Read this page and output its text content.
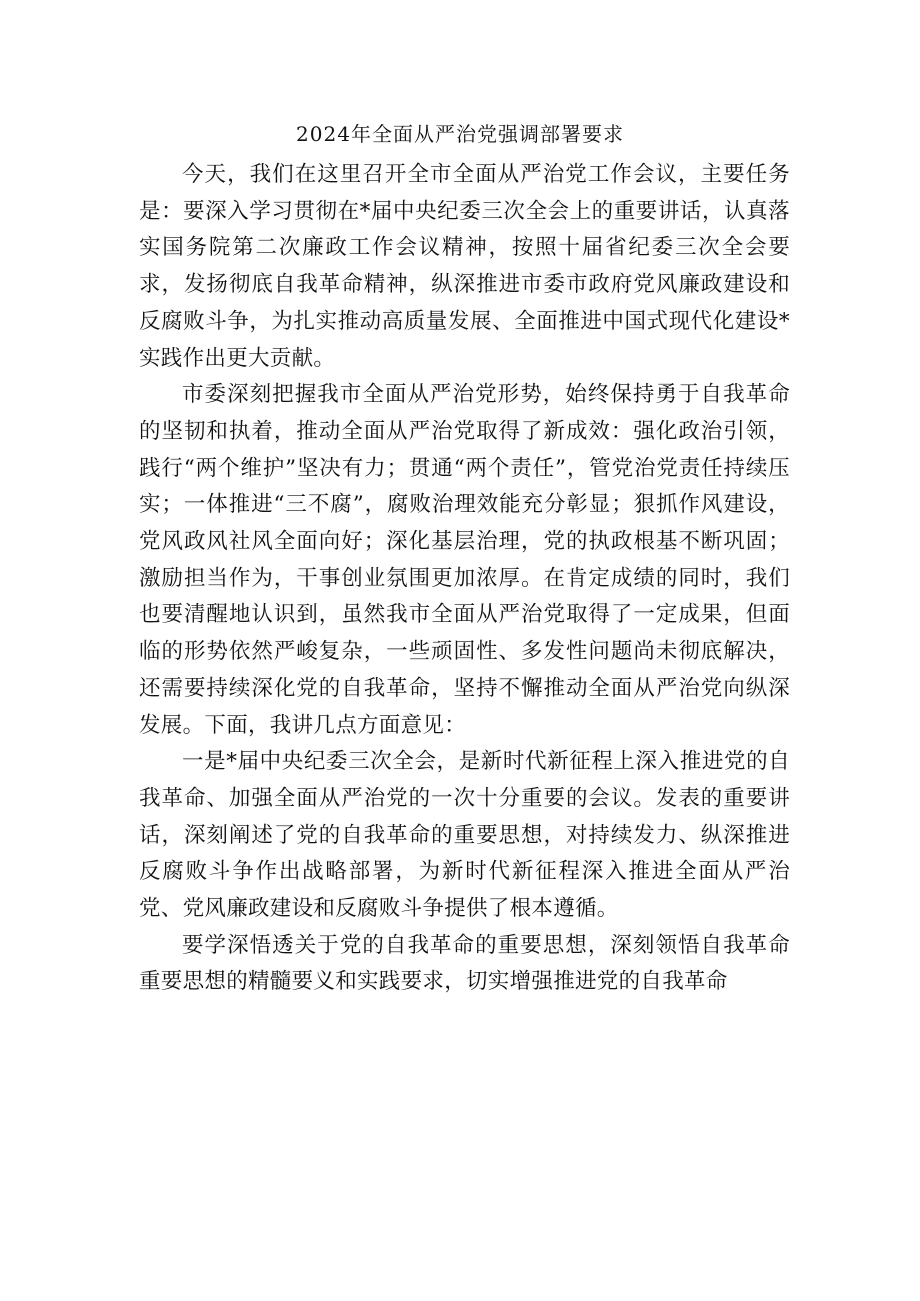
2024年全面从严治党强调部署要求

今天，我们在这里召开全市全面从严治党工作会议，主要任务是：要深入学习贯彻在*届中央纪委三次全会上的重要讲话，认真落实国务院第二次廉政工作会议精神，按照十届省纪委三次全会要求，发扬彻底自我革命精神，纵深推进市委市政府党风廉政建设和反腐败斗争，为扎实推动高质量发展、全面推进中国式现代化建设*实践作出更大贡献。

市委深刻把握我市全面从严治党形势，始终保持勇于自我革命的坚韧和执着，推动全面从严治党取得了新成效：强化政治引领，践行“两个维护”坚决有力；贯通“两个责任”，管党治党责任持续压实；一体推进“三不腐”，腐败治理效能充分彰显；狠抓作风建设，党风政风社风全面向好；深化基层治理，党的执政根基不断巩固；激励担当作为，干事创业氛围更加浓厚。在肯定成绩的同时，我们也要清醒地认识到，虽然我市全面从严治党取得了一定成果，但面临的形势依然严峻复杂，一些顽固性、多发性问题尚未彻底解决，还需要持续深化党的自我革命，坚持不懈推动全面从严治党向纵深发展。下面，我讲几点方面意见：

一是*届中央纪委三次全会，是新时代新征程上深入推进党的自我革命、加强全面从严治党的一次十分重要的会议。发表的重要讲话，深刻阐述了党的自我革命的重要思想，对持续发力、纵深推进反腐败斗争作出战略部署，为新时代新征程深入推进全面从严治党、党风廉政建设和反腐败斗争提供了根本遵循。

要学深悟透关于党的自我革命的重要思想，深刻领悟自我革命重要思想的精髓要义和实践要求，切实增强推进党的自我革命
